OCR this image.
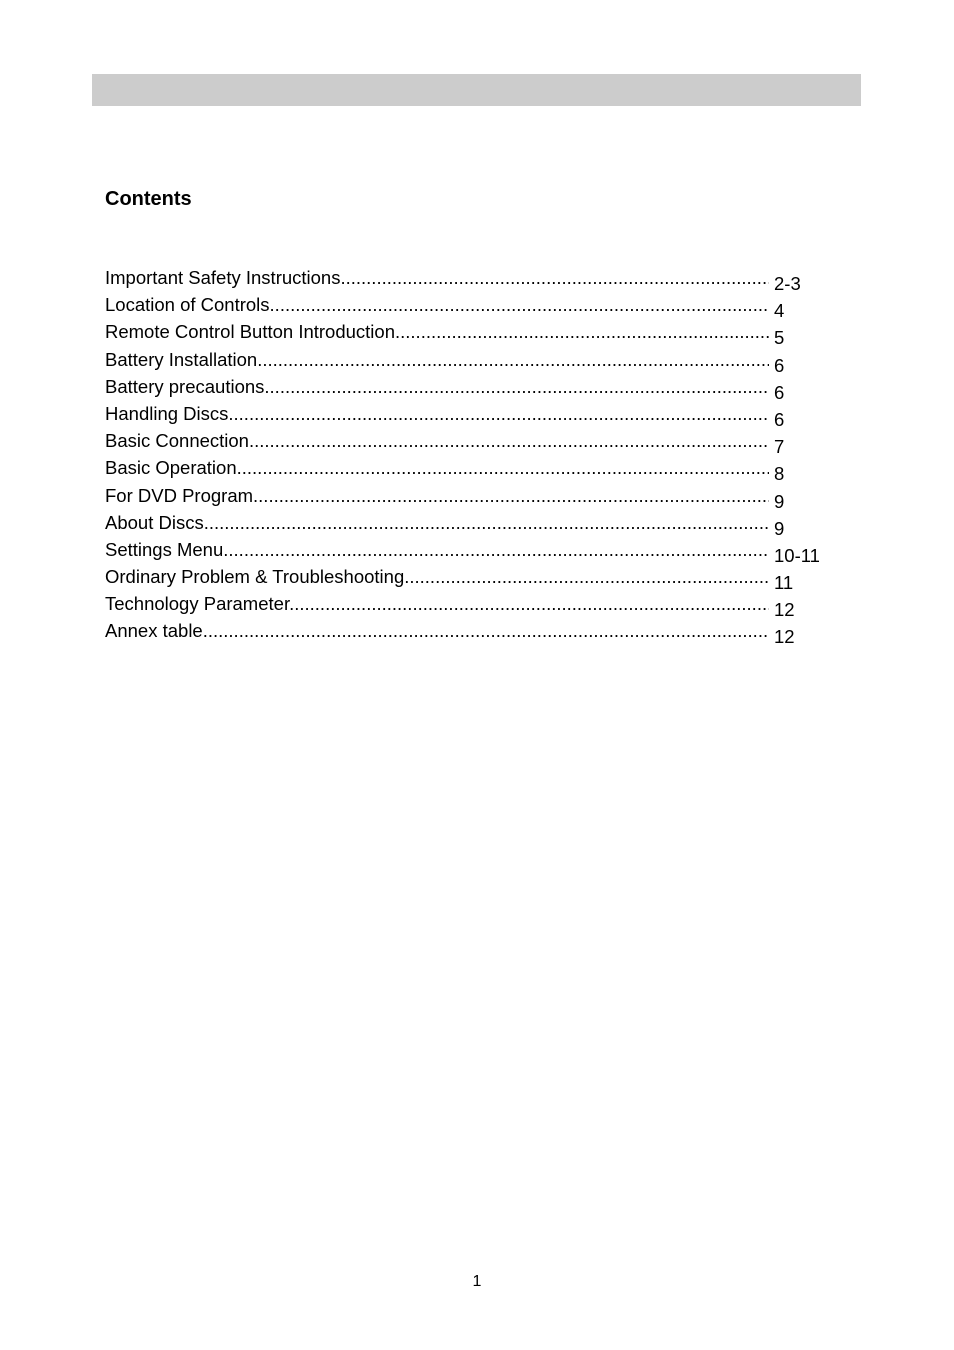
Contents
Important Safety Instructions .....	2-3
Location of Controls .....	4
Remote Control Button Introduction .....	5
Battery Installation .....	6
Battery precautions .....	6
Handling Discs .....	6
Basic Connection .....	7
Basic Operation .....	8
For DVD Program .....	9
About Discs .....	9
Settings Menu .....	10-11
Ordinary Problem & Troubleshooting .....	11
Technology Parameter .....	12
Annex table .....	12
1
